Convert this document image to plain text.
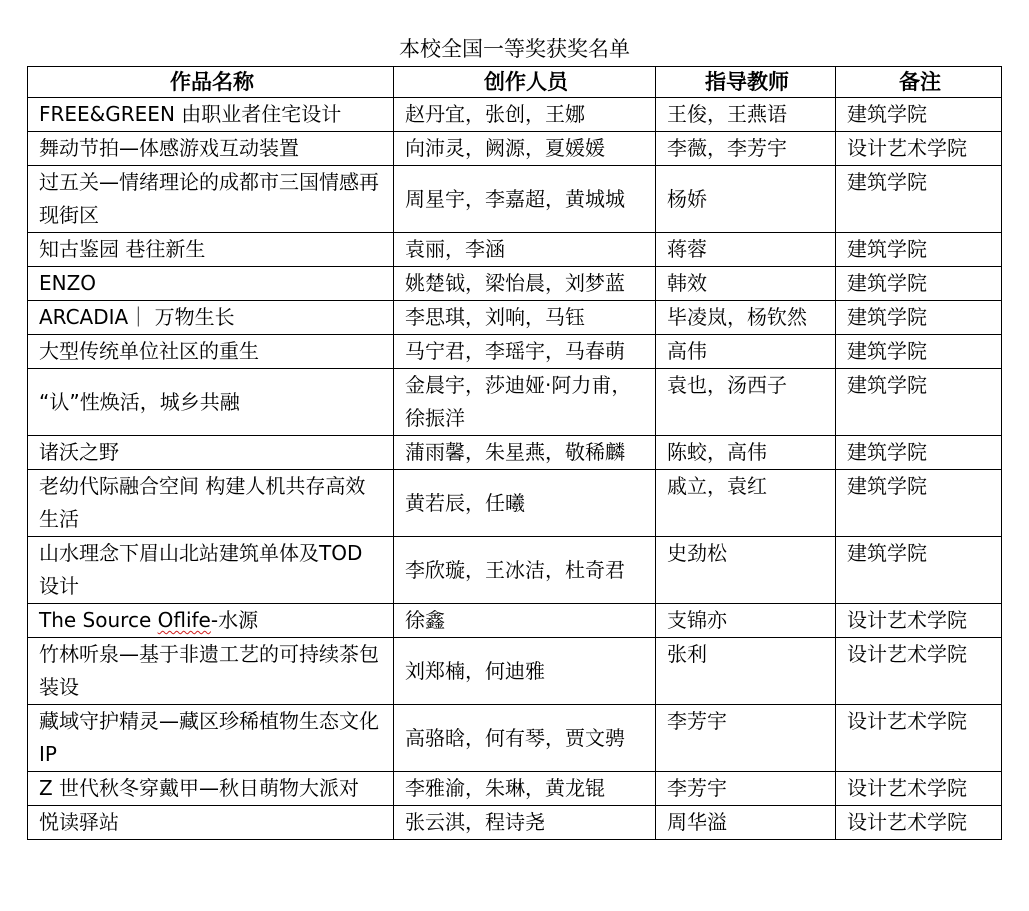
本校全国一等奖获奖名单
作品名称	创作人员	指导教师	备注
FREE&GREEN 由职业者住宅设计	赵丹宜，张创，王娜	王俊，王燕语	建筑学院
舞动节拍—体感游戏互动装置	向沛灵，阙源，夏媛媛	李薇，李芳宇	设计艺术学院
过五关—情绪理论的成都市三国情感再现街区	周星宇，李嘉超，黄城城	杨娇	建筑学院
知古鉴园 巷往新生	袁丽，李涵	蒋蓉	建筑学院
ENZO	姚楚钺，梁怡晨，刘梦蓝	韩效	建筑学院
ARCADIA｜ 万物生长	李思琪，刘响，马钰	毕凌岚，杨钦然	建筑学院
大型传统单位社区的重生	马宁君，李瑶宇，马春萌	高伟	建筑学院
“认”性焕活，城乡共融	金晨宇，莎迪娅·阿力甫，徐振洋	袁也，汤西子	建筑学院
诸沃之野	蒲雨馨，朱星燕，敬稀麟	陈蛟，高伟	建筑学院
老幼代际融合空间 构建人机共存高效生活	黄若辰，任曦	戚立，袁红	建筑学院
山水理念下眉山北站建筑单体及TOD 设计	李欣璇，王冰洁，杜奇君	史劲松	建筑学院
The Source Oflife-水源	徐鑫	支锦亦	设计艺术学院
竹林听泉—基于非遗工艺的可持续茶包装设	刘郑楠，何迪雅	张利	设计艺术学院
藏域守护精灵—藏区珍稀植物生态文化 IP	高骆晗，何有琴，贾文骋	李芳宇	设计艺术学院
Z 世代秋冬穿戴甲—秋日萌物大派对	李雅渝，朱琳，黄龙锟	李芳宇	设计艺术学院
悦读驿站	张云淇，程诗尧	周华溢	设计艺术学院
